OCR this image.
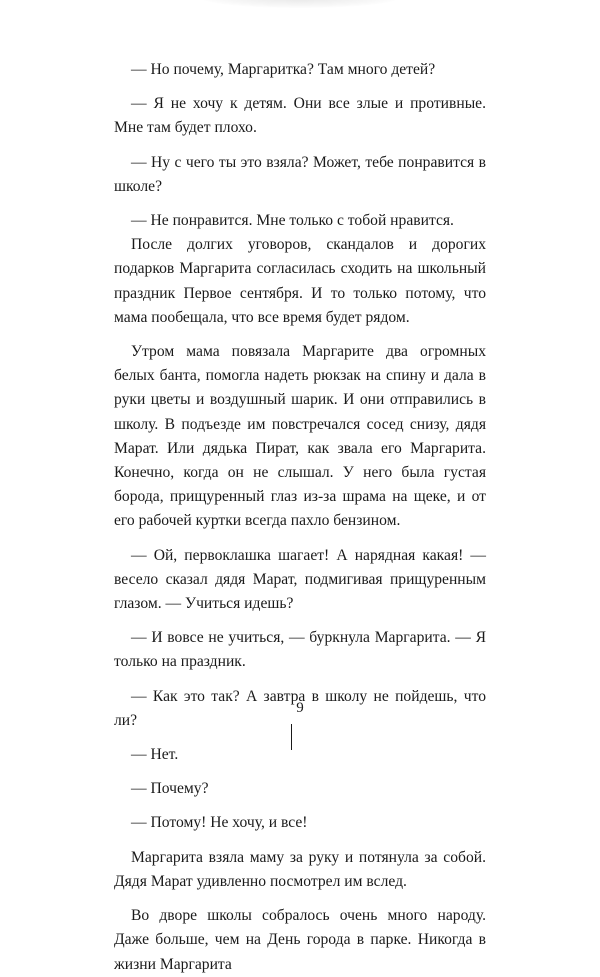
— Но почему, Маргаритка? Там много детей?

— Я не хочу к детям. Они все злые и противные. Мне там будет плохо.

— Ну с чего ты это взяла? Может, тебе понравится в школе?

— Не понравится. Мне только с тобой нравится.

После долгих уговоров, скандалов и дорогих подарков Маргарита согласилась сходить на школьный праздник Первое сентября. И то только потому, что мама пообещала, что все время будет рядом.

Утром мама повязала Маргарите два огромных белых банта, помогла надеть рюкзак на спину и дала в руки цветы и воздушный шарик. И они отправились в школу. В подъезде им повстречался сосед снизу, дядя Марат. Или дядька Пират, как звала его Маргарита. Конечно, когда он не слышал. У него была густая борода, прищуренный глаз из-за шрама на щеке, и от его рабочей куртки всегда пахло бензином.

— Ой, первоклашка шагает! А нарядная какая! — весело сказал дядя Марат, подмигивая прищуренным глазом. — Учиться идешь?

— И вовсе не учиться, — буркнула Маргарита. — Я только на праздник.

— Как это так? А завтра в школу не пойдешь, что ли?

— Нет.

— Почему?

— Потому! Не хочу, и все!

Маргарита взяла маму за руку и потянула за собой. Дядя Марат удивленно посмотрел им вслед.

Во дворе школы собралось очень много народу. Даже больше, чем на День города в парке. Никогда в жизни Маргарита

9
